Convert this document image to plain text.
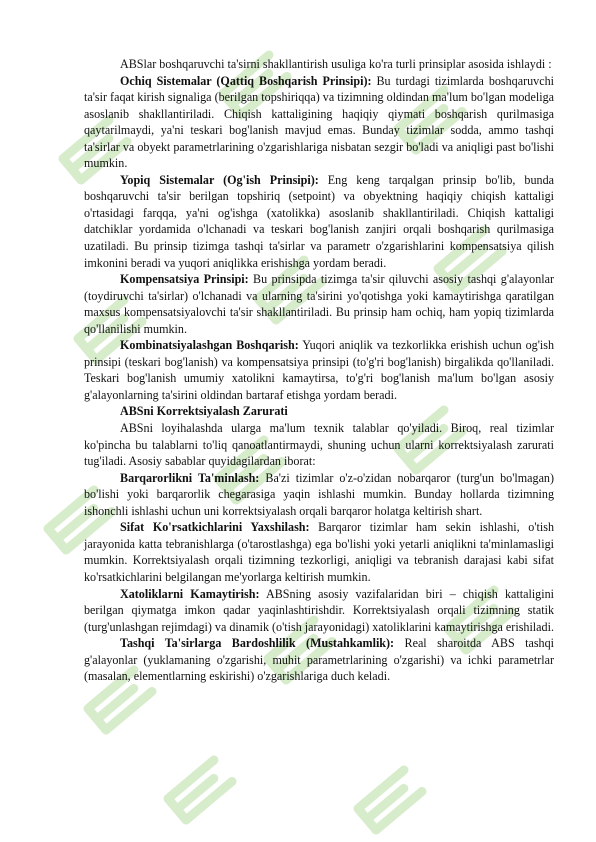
ABSlar boshqaruvchi ta'sirni shakllantirish usuliga ko'ra turli prinsiplar asosida ishlaydi :

Ochiq Sistemalar (Qattiq Boshqarish Prinsipi): Bu turdagi tizimlarda boshqaruvchi ta'sir faqat kirish signaliga (berilgan topshiriqqa) va tizimning oldindan ma'lum bo'lgan modeliga asoslanib shakllantiriladi. Chiqish kattaligining haqiqiy qiymati boshqarish qurilmasiga qaytarilmaydi, ya'ni teskari bog'lanish mavjud emas. Bunday tizimlar sodda, ammo tashqi ta'sirlar va obyekt parametrlarining o'zgarishlariga nisbatan sezgir bo'ladi va aniqligi past bo'lishi mumkin.

Yopiq Sistemalar (Og'ish Prinsipi): Eng keng tarqalgan prinsip bo'lib, bunda boshqaruvchi ta'sir berilgan topshiriq (setpoint) va obyektning haqiqiy chiqish kattaligi o'rtasidagi farqqa, ya'ni og'ishga (xatolikka) asoslanib shakllantiriladi. Chiqish kattaligi datchiklar yordamida o'lchanadi va teskari bog'lanish zanjiri orqali boshqarish qurilmasiga uzatiladi. Bu prinsip tizimga tashqi ta'sirlar va parametr o'zgarishlarini kompensatsiya qilish imkonini beradi va yuqori aniqlikka erishishga yordam beradi.

Kompensatsiya Prinsipi: Bu prinsipda tizimga ta'sir qiluvchi asosiy tashqi g'alayonlar (toydiruvchi ta'sirlar) o'lchanadi va ularning ta'sirini yo'qotishga yoki kamaytirishga qaratilgan maxsus kompensatsiyalovchi ta'sir shakllantiriladi. Bu prinsip ham ochiq, ham yopiq tizimlarda qo'llanilishi mumkin.

Kombinatsiyalashgan Boshqarish: Yuqori aniqlik va tezkorlikka erishish uchun og'ish prinsipi (teskari bog'lanish) va kompensatsiya prinsipi (to'g'ri bog'lanish) birgalikda qo'llaniladi. Teskari bog'lanish umumiy xatolikni kamaytirsa, to'g'ri bog'lanish ma'lum bo'lgan asosiy g'alayonlarning ta'sirini oldindan bartaraf etishga yordam beradi.

ABSni Korrektsiyalash Zarurati

ABSni loyihalashda ularga ma'lum texnik talablar qo'yiladi. Biroq, real tizimlar ko'pincha bu talablarni to'liq qanoatlantirmaydi, shuning uchun ularni korrektsiyalash zarurati tug'iladi. Asosiy sabablar quyidagilardan iborat:

Barqarorlikni Ta'minlash: Ba'zi tizimlar o'z-o'zidan nobarqaror (turg'un bo'lmagan) bo'lishi yoki barqarorlik chegarasiga yaqin ishlashi mumkin. Bunday hollarda tizimning ishonchli ishlashi uchun uni korrektsiyalash orqali barqaror holatga keltirish shart.

Sifat Ko'rsatkichlarini Yaxshilash: Barqaror tizimlar ham sekin ishlashi, o'tish jarayonida katta tebranishlarga (o'tarostlashga) ega bo'lishi yoki yetarli aniqlikni ta'minlamasligi mumkin. Korrektsiyalash orqali tizimning tezkorligi, aniqligi va tebranish darajasi kabi sifat ko'rsatkichlarini belgilangan me'yorlarga keltirish mumkin.

Xatoliklarni Kamaytirish: ABSning asosiy vazifalaridan biri – chiqish kattaligini berilgan qiymatga imkon qadar yaqinlashtirishdir. Korrektsiyalash orqali tizimning statik (turg'unlashgan rejimdagi) va dinamik (o'tish jarayonidagi) xatoliklarini kamaytirishga erishiladi.

Tashqi Ta'sirlarga Bardoshlilik (Mustahkamlik): Real sharoitda ABS tashqi g'alayonlar (yuklamaning o'zgarishi, muhit parametrlarining o'zgarishi) va ichki parametrlar (masalan, elementlarning eskirishi) o'zgarishlariga duch keladi.
